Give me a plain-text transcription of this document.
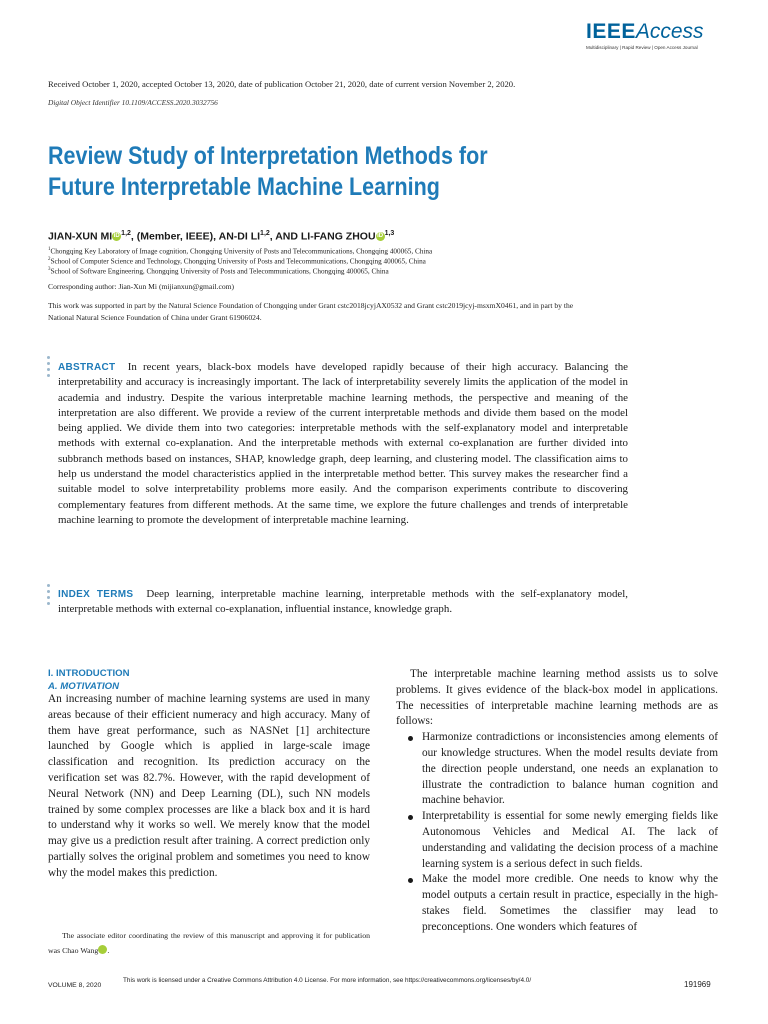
IEEEAccess
Multidisciplinary | Rapid Review | Open Access Journal
Received October 1, 2020, accepted October 13, 2020, date of publication October 21, 2020, date of current version November 2, 2020.
Digital Object Identifier 10.1109/ACCESS.2020.3032756
Review Study of Interpretation Methods for
Future Interpretable Machine Learning
JIAN-XUN MI iD $^{1,2}$, (Member, IEEE), AN-DI LI$^{1,2}$, AND LI-FANG ZHOU iD $^{1,3}$
$^1$Chongqing Key Laboratory of Image cognition, Chongqing University of Posts and Telecommunications, Chongqing 400065, China
$^2$School of Computer Science and Technology, Chongqing University of Posts and Telecommunications, Chongqing 400065, China
$^3$School of Software Engineering, Chongqing University of Posts and Telecommunications, Chongqing 400065, China
Corresponding author: Jian-Xun Mi (mijianxun@gmail.com)
This work was supported in part by the Natural Science Foundation of Chongqing under Grant cstc2018jcyjAX0532 and Grant cstc2019jcyj-msxmX0461, and in part by the National Natural Science Foundation of China under Grant 61906024.
ABSTRACT In recent years, black-box models have developed rapidly because of their high accuracy. Balancing the interpretability and accuracy is increasingly important. The lack of interpretability severely limits the application of the model in academia and industry. Despite the various interpretable machine learning methods, the perspective and meaning of the interpretation are also different. We provide a review of the current interpretable methods and divide them based on the model being applied. We divide them into two categories: interpretable methods with the self-explanatory model and interpretable methods with external co-explanation. And the interpretable methods with external co-explanation are further divided into subbranch methods based on instances, SHAP, knowledge graph, deep learning, and clustering model. The classification aims to help us understand the model characteristics applied in the interpretable method better. This survey makes the researcher find a suitable model to solve interpretability problems more easily. And the comparison experiments contribute to discovering complementary features from different methods. At the same time, we explore the future challenges and trends of interpretable machine learning to promote the development of interpretable machine learning.
INDEX TERMS Deep learning, interpretable machine learning, interpretable methods with the self-explanatory model, interpretable methods with external co-explanation, influential instance, knowledge graph.
I. INTRODUCTION
A. MOTIVATION

An increasing number of machine learning systems are used in many areas because of their efficient numeracy and high accuracy. Many of them have great performance, such as NASNet [1] architecture launched by Google which is applied in large-scale image classification and recognition. Its prediction accuracy on the verification set was 82.7%. However, with the rapid development of Neural Network (NN) and Deep Learning (DL), such NN models trained by some complex processes are like a black box and it is hard to understand why it works so well. We merely know that the model may give us a prediction result after training. A correct prediction only partially solves the original problem and sometimes you need to know why the model makes this prediction.

The associate editor coordinating the review of this manuscript and approving it for publication was Chao Wang iD.

The interpretable machine learning method assists us to solve problems. It gives evidence of the black-box model in applications. The necessities of interpretable machine learning methods are as follows:

Harmonize contradictions or inconsistencies among elements of our knowledge structures. When the model results deviate from the direction people understand, one needs an explanation to illustrate the contradiction to balance human cognition and machine behavior.

Interpretability is essential for some newly emerging fields like Autonomous Vehicles and Medical AI. The lack of understanding and validating the decision process of a machine learning system is a serious defect in such fields.

Make the model more credible. One needs to know why the model outputs a certain result in practice, especially in the high-stakes field. Sometimes the classifier may lead to preconceptions. One wonders which features of

VOLUME 8, 2020
This work is licensed under a Creative Commons Attribution 4.0 License. For more information, see https://creativecommons.org/licenses/by/4.0/	191969
